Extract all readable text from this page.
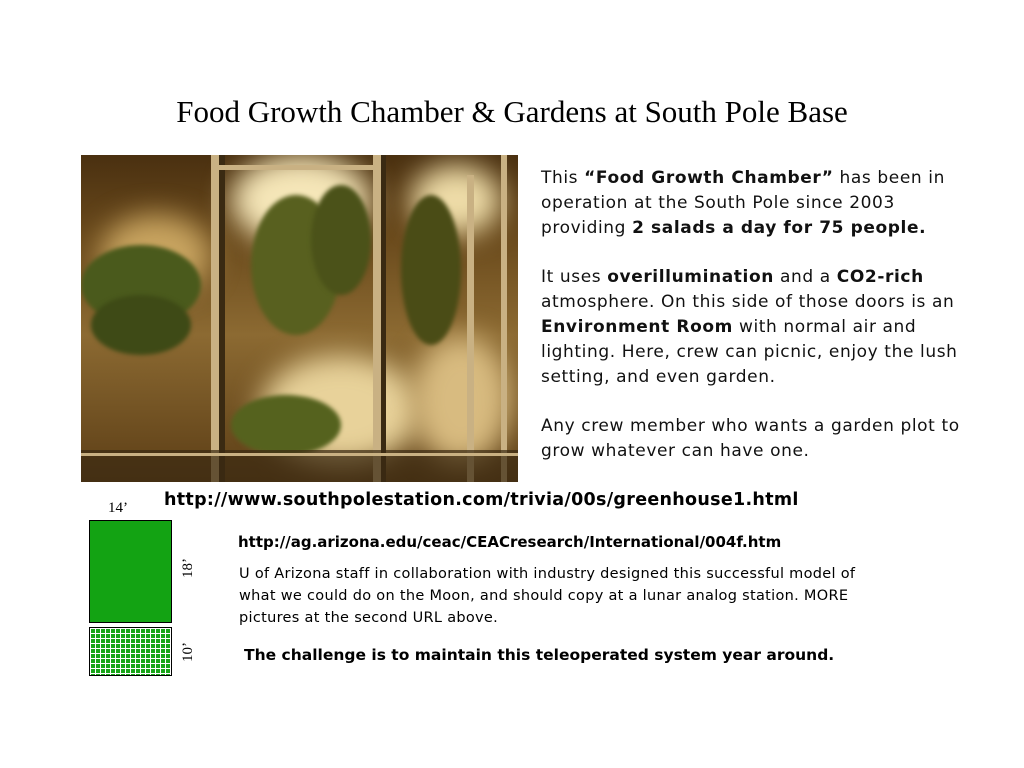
Food Growth Chamber & Gardens at South Pole Base

This “Food Growth Chamber” has been in operation at the South Pole since 2003 providing 2 salads a day for 75 people.

It uses overillumination and a CO2-rich atmosphere. On this side of those doors is an Environment Room with normal air and lighting. Here, crew can picnic, enjoy the lush setting, and even garden.

Any crew member who wants a garden plot to grow whatever can have one.

http://www.southpolestation.com/trivia/00s/greenhouse1.html
http://ag.arizona.edu/ceac/CEACresearch/International/004f.htm
U of Arizona staff in collaboration with industry designed this successful model of what we could do on the Moon, and should copy at a lunar analog station. MORE pictures at the second URL above.
The challenge is to maintain this teleoperated system year around.
14’
18’
10’
